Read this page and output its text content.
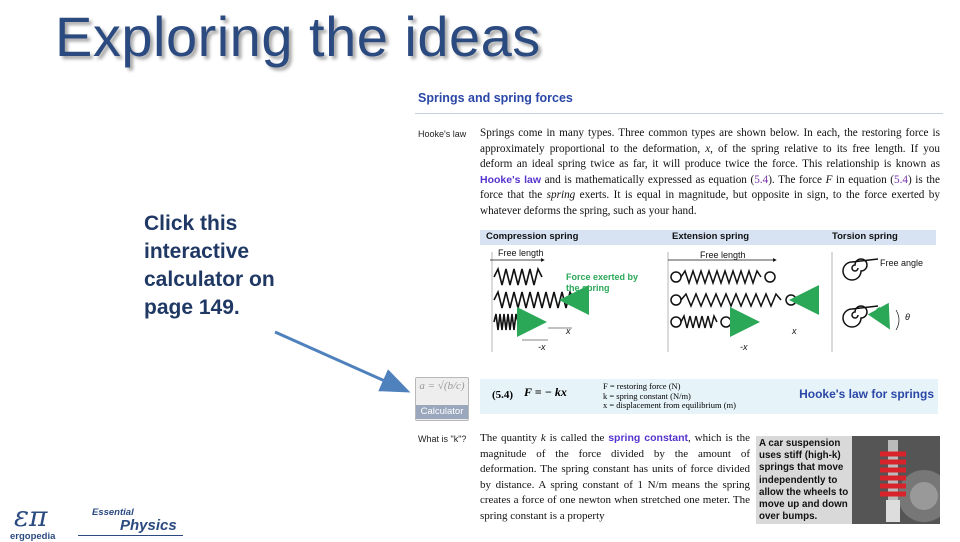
Exploring the ideas
Click this interactive calculator on page 149.
Springs and spring forces
Hooke's law Springs come in many types. Three common types are shown below. In each, the restoring force is approximately proportional to the deformation, x, of the spring relative to its free length. If you deform an ideal spring twice as far, it will produce twice the force. This relationship is known as Hooke's law and is mathematically expressed as equation (5.4). The force F in equation (5.4) is the force that the spring exerts. It is equal in magnitude, but opposite in sign, to the force exerted by whatever deforms the spring, such as your hand.
Compression spring	Extension spring	Torsion spring
Free length	Free length
Force exerted by the spring
Free angle
x
-x
x
-x
θ
What is "k"? The quantity k is called the spring constant, which is the magnitude of the force divided by the amount of deformation. The spring constant has units of force divided by distance. A spring constant of 1 N/m means the spring creates a force of one newton when stretched one meter. The spring constant is a property
a = √(b/c)
Calculator
(5.4) F = − kx	F = restoring force (N)
k = spring constant (N/m)
x = displacement from equilibrium (m)
Hooke's law for springs
A car suspension uses stiff (high-k) springs that move independently to allow the wheels to move up and down over bumps.
επ
ergopedia
Essential
Physics
